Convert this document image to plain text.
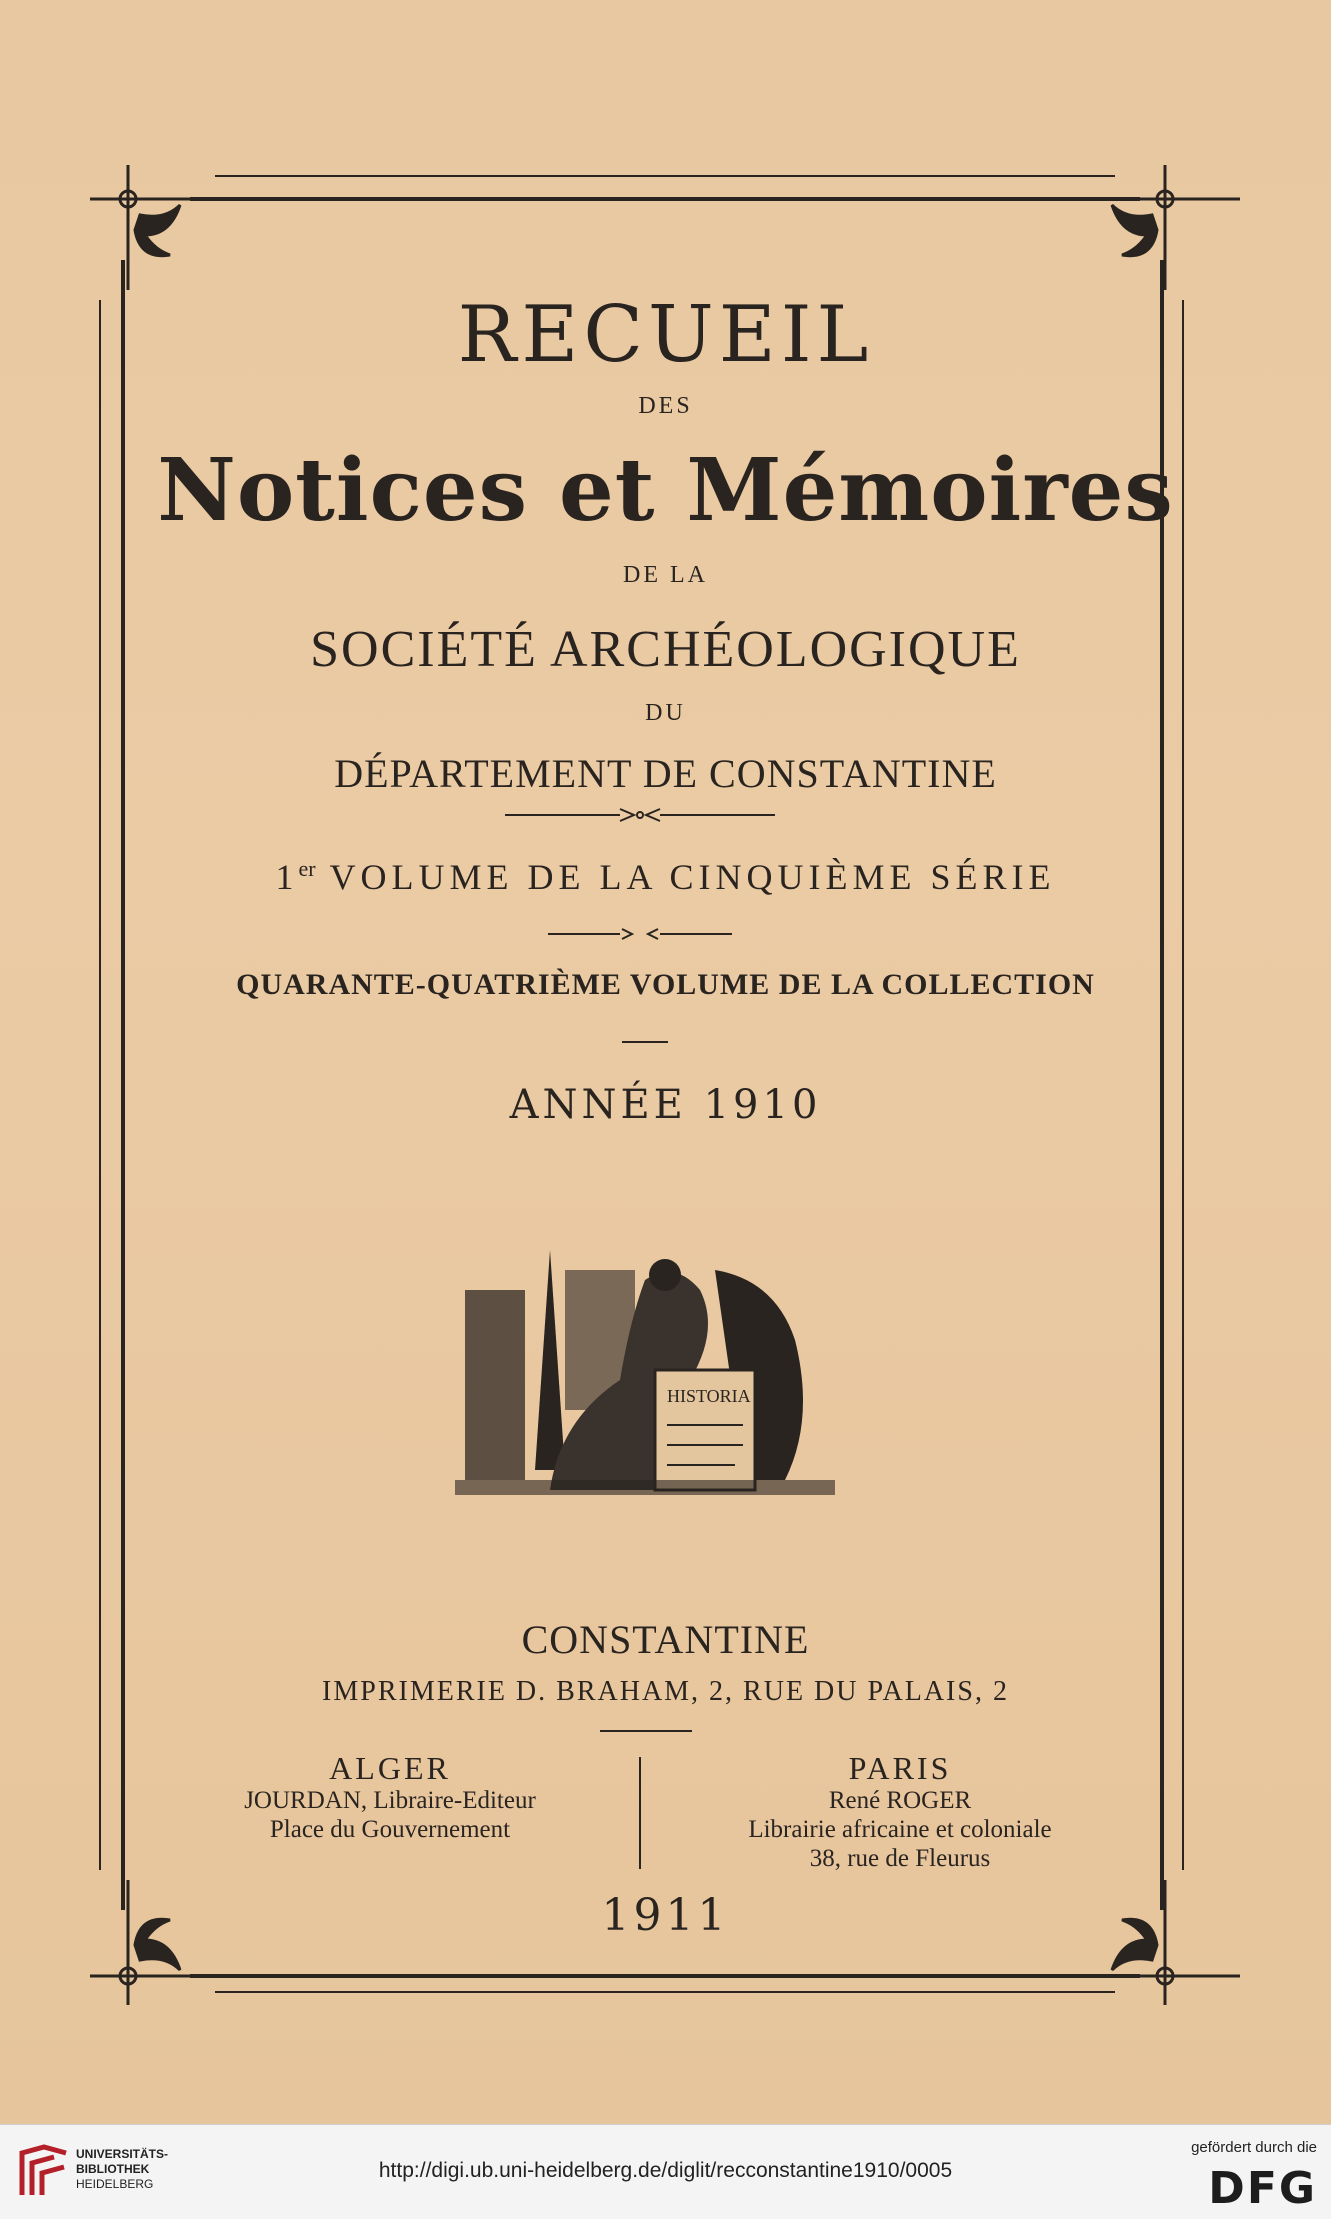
RECUEIL
DES
Notices et Mémoires
DE LA
SOCIÉTÉ ARCHÉOLOGIQUE
DU
DÉPARTEMENT DE CONSTANTINE
1er VOLUME DE LA CINQUIÈME SÉRIE
QUARANTE-QUATRIÈME VOLUME DE LA COLLECTION
ANNÉE 1910
HISTORIA
CONSTANTINE
IMPRIMERIE D. BRAHAM, 2, RUE DU PALAIS, 2
ALGER
JOURDAN, Libraire-Editeur
Place du Gouvernement
PARIS
René ROGER
Librairie africaine et coloniale
38, rue de Fleurus
1911
UNIVERSITÄTS-
BIBLIOTHEK
HEIDELBERG
http://digi.ub.uni-heidelberg.de/diglit/recconstantine1910/0005
gefördert durch die
DFG
